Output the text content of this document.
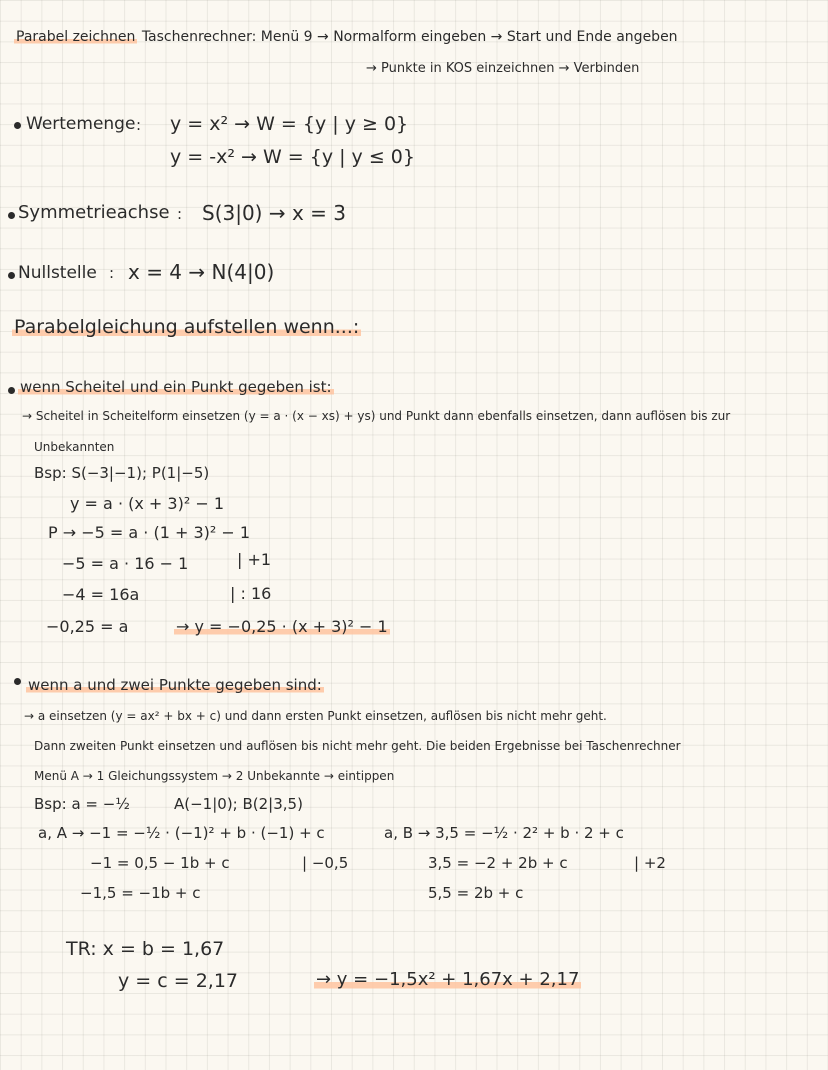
Parabel zeichnen Taschenrechner: Menü 9 → Normalform eingeben → Start und Ende angeben
→ Punkte in KOS einzeichnen → Verbinden
Wertemenge : y = x² → W = {y | y ≥ 0}
y = -x² → W = {y | y ≤ 0}
Symmetrieachse : S(3|0) → x = 3
Nullstelle : x = 4 → N(4|0)
Parabelgleichung aufstellen wenn...:
wenn Scheitel und ein Punkt gegeben ist:
→ Scheitel in Scheitelform einsetzen (y = a · (x − xs) + ys) und Punkt dann ebenfalls einsetzen, dann auflösen bis zur
Unbekannten
Bsp: S(−3|−1); P(1|−5)
y = a · (x + 3)² − 1
P → −5 = a · (1 + 3)² − 1
−5 = a · 16 − 1	| +1
−4 = 16a	| : 16
−0,25 = a	→ y = −0,25 · (x + 3)² − 1
wenn a und zwei Punkte gegeben sind:
→ a einsetzen (y = ax² + bx + c) und dann ersten Punkt einsetzen, auflösen bis nicht mehr geht.
Dann zweiten Punkt einsetzen und auflösen bis nicht mehr geht. Die beiden Ergebnisse bei Taschenrechner
Menü A → 1 Gleichungssystem → 2 Unbekannte → eintippen
Bsp: a = −½	A(−1|0); B(2|3,5)
a, A → −1 = −½ · (−1)² + b · (−1) + c
−1 = 0,5 − 1b + c	| −0,5
−1,5 = −1b + c
a, B → 3,5 = −½ · 2² + b · 2 + c
3,5 = −2 + 2b + c	| +2
5,5 = 2b + c
TR: x = b = 1,67
y = c = 2,17	→ y = −1,5x² + 1,67x + 2,17
